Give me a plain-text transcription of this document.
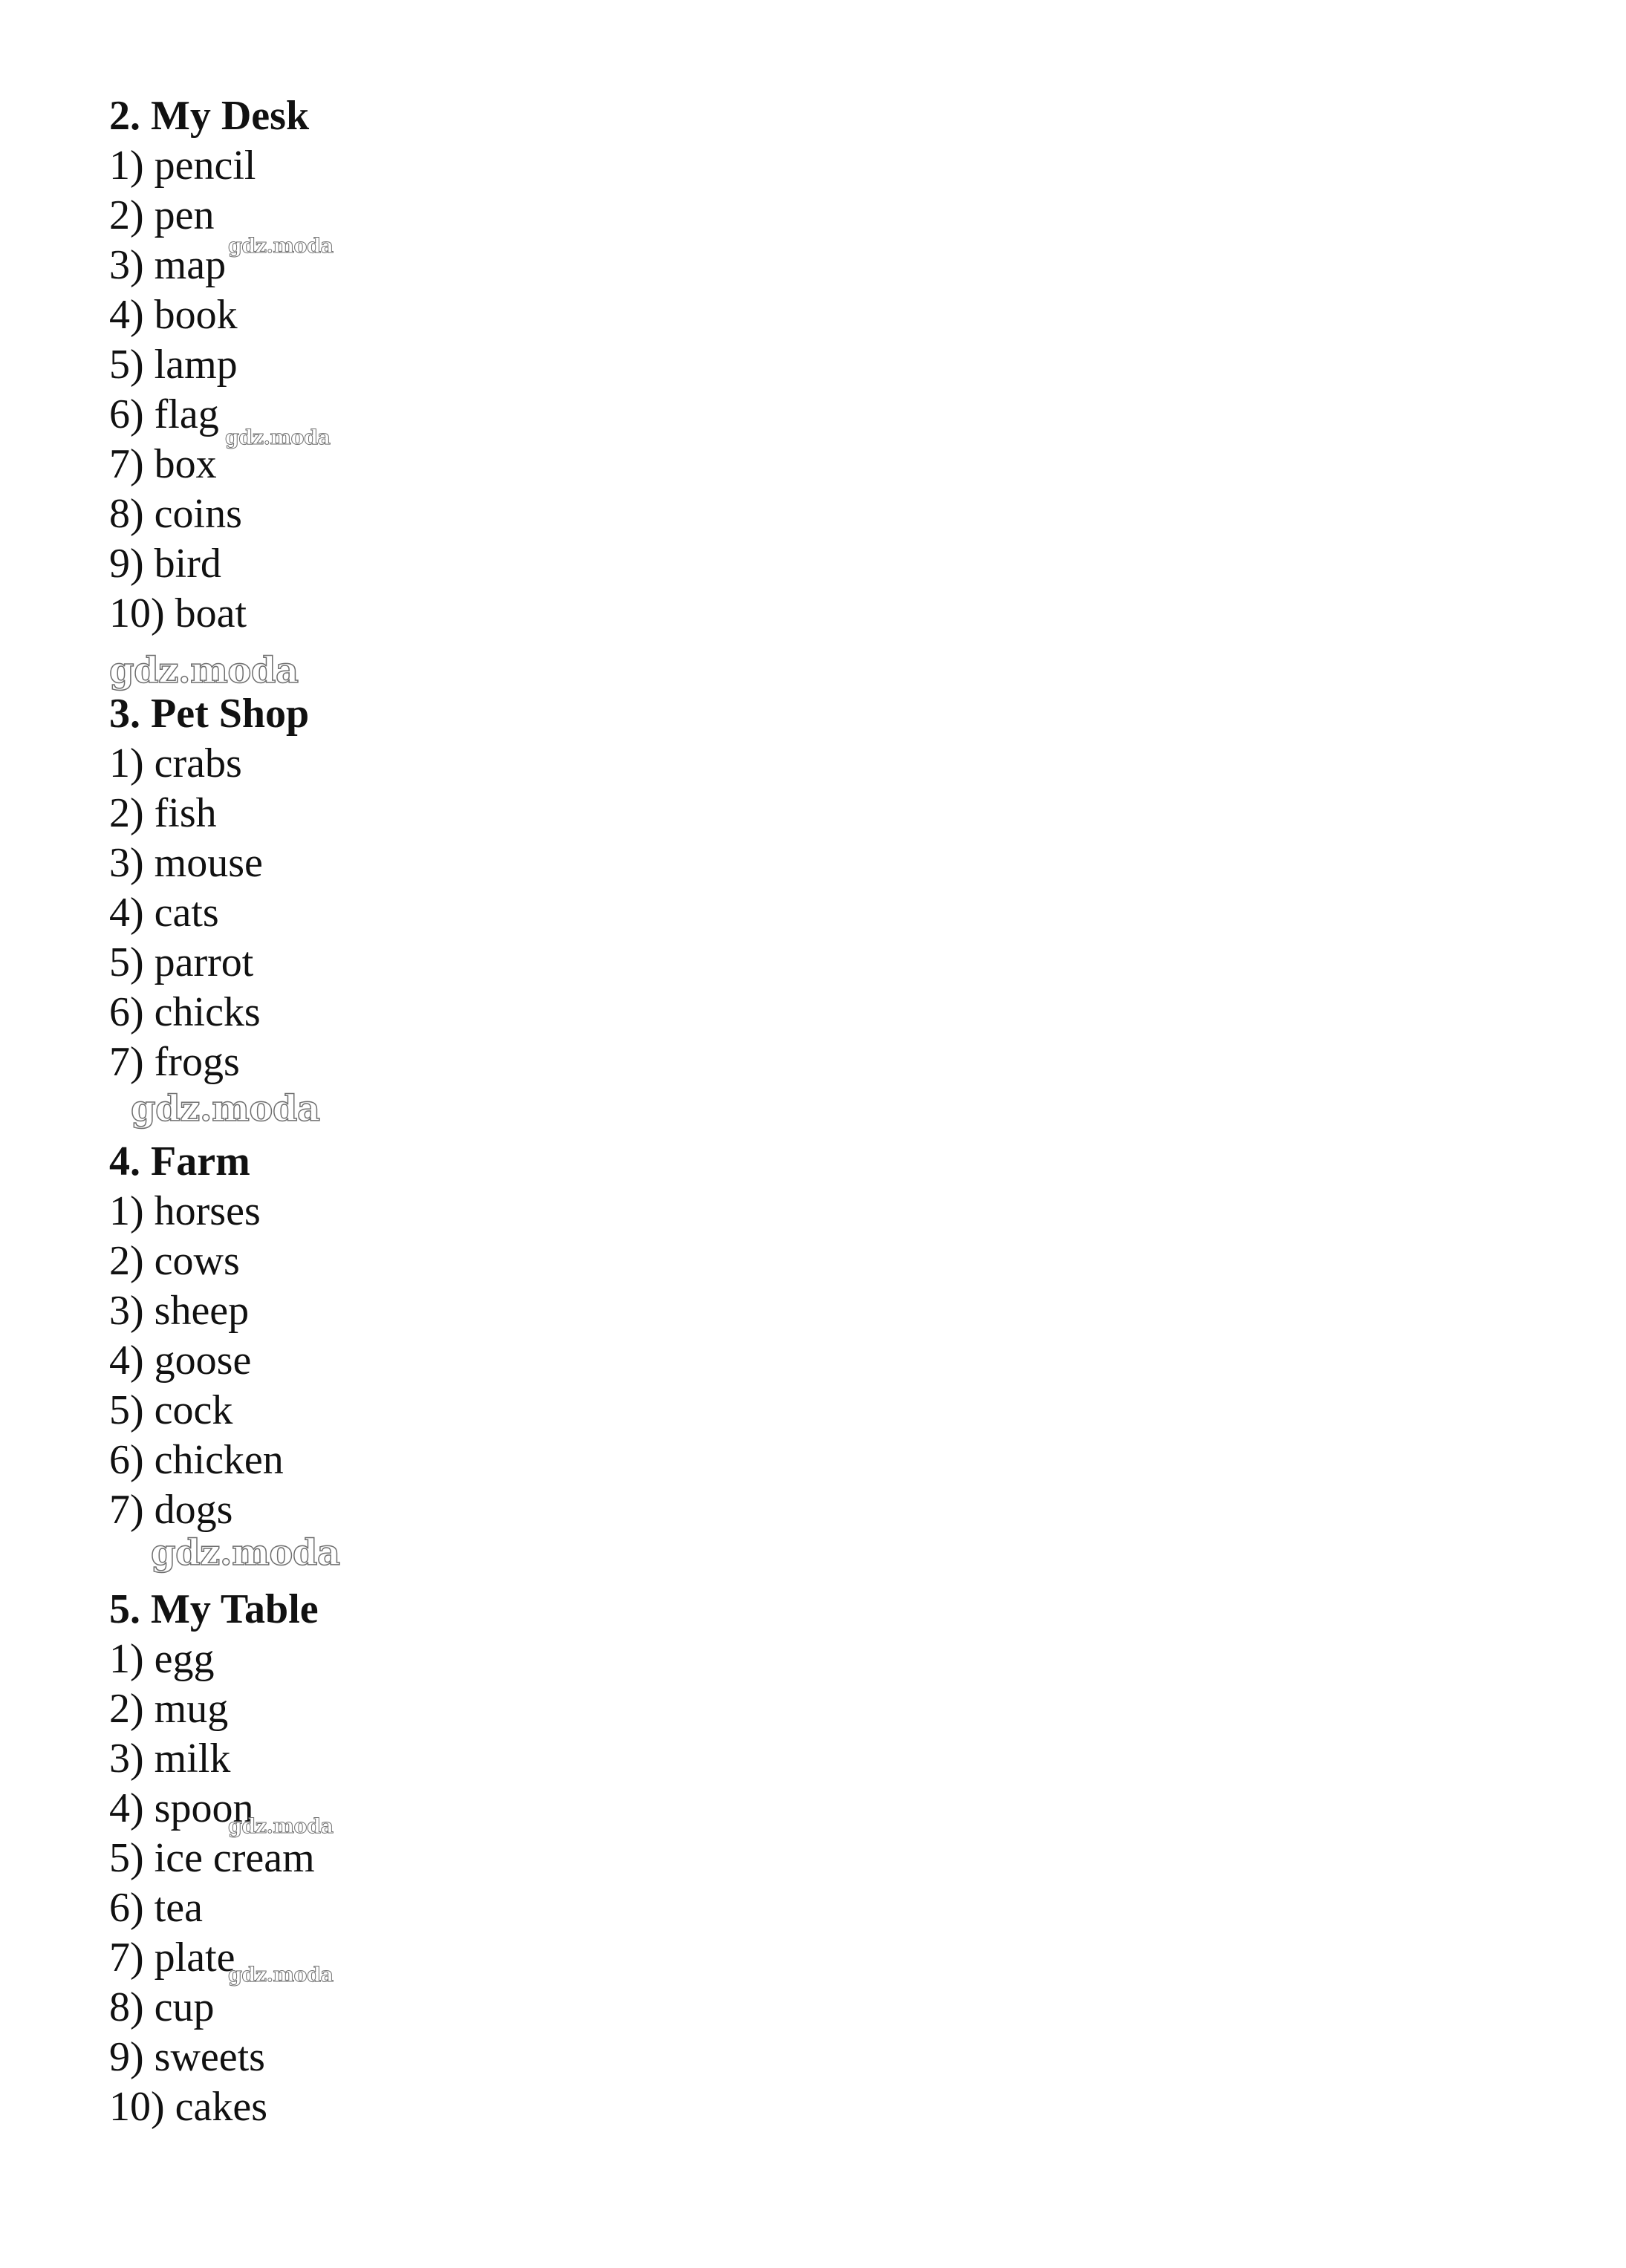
2. My Desk
1) pencil
2) pen
3) map
4) book
5) lamp
6) flag
7) box
8) coins
9) bird
10) boat
3. Pet Shop
1) crabs
2) fish
3) mouse
4) cats
5) parrot
6) chicks
7) frogs
4. Farm
1) horses
2) cows
3) sheep
4) goose
5) cock
6) chicken
7) dogs
5. My Table
1) egg
2) mug
3) milk
4) spoon
5) ice cream
6) tea
7) plate
8) cup
9) sweets
10) cakes
gdz.moda
gdz.moda
gdz.moda
gdz.moda
gdz.moda
gdz.moda
gdz.moda
